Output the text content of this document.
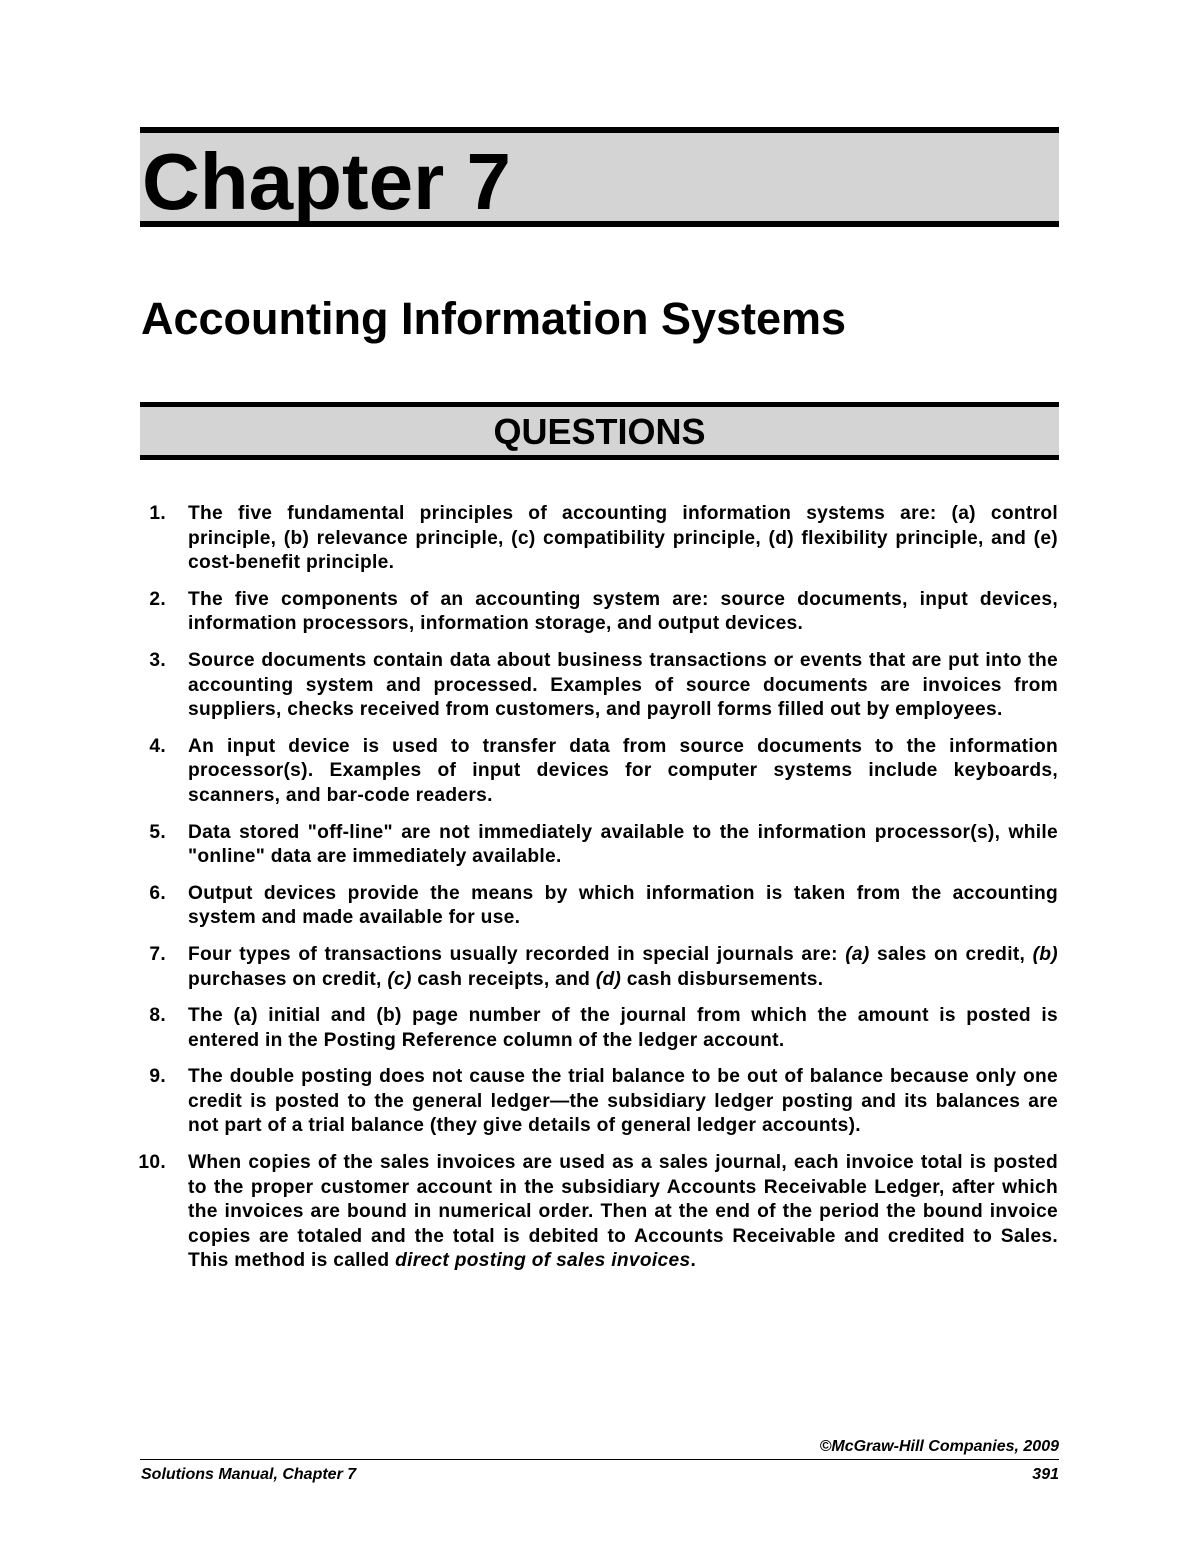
Chapter 7
Accounting Information Systems
QUESTIONS
1. The five fundamental principles of accounting information systems are: (a) control principle, (b) relevance principle, (c) compatibility principle, (d) flexibility principle, and (e) cost-benefit principle.
2. The five components of an accounting system are: source documents, input devices, information processors, information storage, and output devices.
3. Source documents contain data about business transactions or events that are put into the accounting system and processed. Examples of source documents are invoices from suppliers, checks received from customers, and payroll forms filled out by employees.
4. An input device is used to transfer data from source documents to the information processor(s). Examples of input devices for computer systems include keyboards, scanners, and bar-code readers.
5. Data stored "off-line" are not immediately available to the information processor(s), while "online" data are immediately available.
6. Output devices provide the means by which information is taken from the accounting system and made available for use.
7. Four types of transactions usually recorded in special journals are: (a) sales on credit, (b) purchases on credit, (c) cash receipts, and (d) cash disbursements.
8. The (a) initial and (b) page number of the journal from which the amount is posted is entered in the Posting Reference column of the ledger account.
9. The double posting does not cause the trial balance to be out of balance because only one credit is posted to the general ledger—the subsidiary ledger posting and its balances are not part of a trial balance (they give details of general ledger accounts).
10. When copies of the sales invoices are used as a sales journal, each invoice total is posted to the proper customer account in the subsidiary Accounts Receivable Ledger, after which the invoices are bound in numerical order. Then at the end of the period the bound invoice copies are totaled and the total is debited to Accounts Receivable and credited to Sales. This method is called direct posting of sales invoices.
©McGraw-Hill Companies, 2009
Solutions Manual, Chapter 7	391
